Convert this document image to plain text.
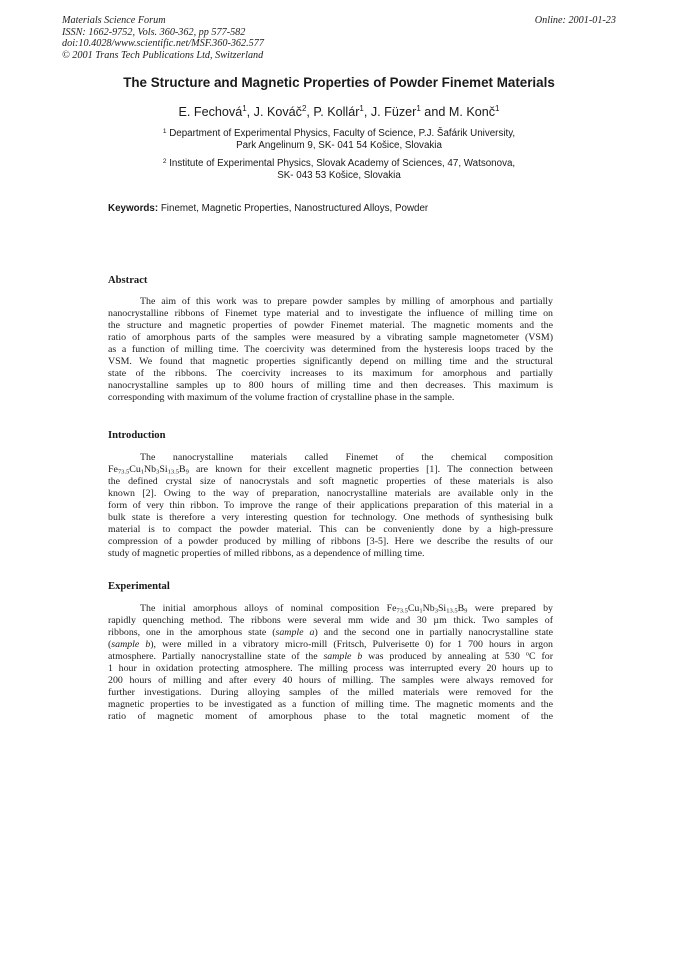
Materials Science Forum
ISSN: 1662-9752, Vols. 360-362, pp 577-582
doi:10.4028/www.scientific.net/MSF.360-362.577
© 2001 Trans Tech Publications Ltd, Switzerland
Online: 2001-01-23
The Structure and Magnetic Properties of Powder Finemet Materials
E. Fechová$^1$, J. Kováč$^2$, P. Kollár$^1$, J. Füzer$^1$ and M. Konč$^1$
$^1$ Department of Experimental Physics, Faculty of Science, P.J. Šafárik University,
Park Angelinum 9, SK- 041 54 Košice, Slovakia
$^2$ Institute of Experimental Physics, Slovak Academy of Sciences, 47, Watsonova,
SK- 043 53 Košice, Slovakia
Keywords: Finemet, Magnetic Properties, Nanostructured Alloys, Powder
Abstract
The aim of this work was to prepare powder samples by milling of amorphous and partially
nanocrystalline ribbons of Finemet type material and to investigate the influence of milling time on
the structure and magnetic properties of powder Finemet material. The magnetic moments and the
ratio of amorphous parts of the samples were measured by a vibrating sample magnetometer (VSM)
as a function of milling time. The coercivity was determined from the hysteresis loops traced by the
VSM. We found that magnetic properties significantly depend on milling time and the structural
state of the ribbons. The coercivity increases to its maximum for amorphous and partially
nanocrystalline samples up to 800 hours of milling time and then decreases. This maximum is
corresponding with maximum of the volume fraction of crystalline phase in the sample.
Introduction
The nanocrystalline materials called Finemet of the chemical composition
$Fe_{73.5}Cu_1Nb_3Si_{13.5}B_9$ are known for their excellent magnetic properties [1]. The connection between
the defined crystal size of nanocrystals and soft magnetic properties of these materials is also
known [2]. Owing to the way of preparation, nanocrystalline materials are available only in the
form of very thin ribbon. To improve the range of their applications preparation of this material in a
bulk state is therefore a very interesting question for technology. One methods of synthesising bulk
material is to compact the powder material. This can be conveniently done by a high-pressure
compression of a powder produced by milling of ribbons [3-5]. Here we describe the results of our
study of magnetic properties of milled ribbons, as a dependence of milling time.
Experimental
The initial amorphous alloys of nominal composition $Fe_{73.5}Cu_1Nb_3Si_{13.5}B_9$ were prepared by
rapidly quenching method. The ribbons were several mm wide and 30 µm thick. Two samples of
ribbons, one in the amorphous state (sample a) and the second one in partially nanocrystalline state
(sample b), were milled in a vibratory micro-mill (Fritsch, Pulverisette 0) for 1 700 hours in argon
atmosphere. Partially nanocrystalline state of the sample b was produced by annealing at 530 $^o$C for
1 hour in oxidation protecting atmosphere. The milling process was interrupted every 20 hours up to
200 hours of milling and after every 40 hours of milling. The samples were always removed for
further investigations. During alloying samples of the milled materials were removed for the
magnetic properties to be investigated as a function of milling time. The magnetic moments and the
ratio of magnetic moment of amorphous phase to the total magnetic moment of the
